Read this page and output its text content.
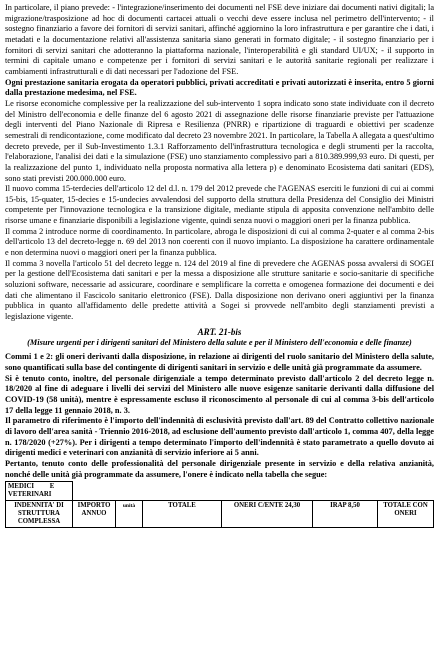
In particolare, il piano prevede: - l'integrazione/inserimento dei documenti nel FSE deve iniziare dai documenti nativi digitali; la migrazione/trasposizione ad hoc di documenti cartacei attuali o vecchi deve essere inclusa nel perimetro dell'intervento; - il sostegno finanziario a favore dei fornitori di servizi sanitari, affinché aggiornino la loro infrastruttura e per garantire che i dati, i metadati e la documentazione relativi all'assistenza sanitaria siano generati in formato digitale; - il sostegno finanziario per i fornitori di servizi sanitari che adotteranno la piattaforma nazionale, l'interoperabilità e gli standard UI/UX; - il supporto in termini di capitale umano e competenze per i fornitori di servizi sanitari e le autorità sanitarie regionali per realizzare i cambiamenti infrastrutturali e di dati necessari per l'adozione del FSE.

Ogni prestazione sanitaria erogata da operatori pubblici, privati accreditati e privati autorizzati è inserita, entro 5 giorni dalla prestazione medesima, nel FSE.

Le risorse economiche complessive per la realizzazione del sub-intervento 1 sopra indicato sono state individuate con il decreto del Ministro dell'economia e delle finanze del 6 agosto 2021 di assegnazione delle risorse finanziarie previste per l'attuazione degli interventi del Piano Nazionale di Ripresa e Resilienza (PNRR) e ripartizione di traguardi e obiettivi per scadenze semestrali di rendicontazione, come modificato dal decreto 23 novembre 2021. In particolare, la Tabella A allegata a quest'ultimo decreto prevede, per il Sub-Investimento 1.3.1 Rafforzamento dell'infrastruttura tecnologica e degli strumenti per la raccolta, l'elaborazione, l'analisi dei dati e la simulazione (FSE) uno stanziamento complessivo pari a 810.389.999,93 euro. Di questi, per la realizzazione del punto 1, individuato nella proposta normativa alla lettera p) e denominato Ecosistema dati sanitari (EDS), sono stati previsti 200.000.000 euro.

Il nuovo comma 15-terdecies dell'articolo 12 del d.l. n. 179 del 2012 prevede che l'AGENAS eserciti le funzioni di cui ai commi 15-bis, 15-quater, 15-decies e 15-undecies avvalendosi del supporto della struttura della Presidenza del Consiglio dei Ministri competente per l'innovazione tecnologica e la transizione digitale, mediante stipula di apposita convenzione nell'ambito delle risorse umane e finanziarie disponibili a legislazione vigente, quindi senza nuovi o maggiori oneri per la finanza pubblica.

Il comma 2 introduce norme di coordinamento. In particolare, abroga le disposizioni di cui al comma 2-quater e al comma 2-bis dell'articolo 13 del decreto-legge n. 69 del 2013 non coerenti con il nuovo impianto. La disposizione ha carattere ordinamentale e non determina nuovi o maggiori oneri per la finanza pubblica.

Il comma 3 novella l'articolo 51 del decreto legge n. 124 del 2019 al fine di prevedere che AGENAS possa avvalersi di SOGEI per la gestione dell'Ecosistema dati sanitari e per la messa a disposizione alle strutture sanitarie e socio-sanitarie di specifiche soluzioni software, necessarie ad assicurare, coordinare e semplificare la corretta e omogenea formazione dei documenti e dei dati che alimentano il Fascicolo sanitario elettronico (FSE). Dalla disposizione non derivano oneri aggiuntivi per la finanza pubblica in quanto all'affidamento delle predette attività a Sogei si provvede nell'ambito degli stanziamenti previsti a legislazione vigente.

ART. 21-bis
(Misure urgenti per i dirigenti sanitari del Ministero della salute e per il Ministero dell'economia e delle finanze)

Commi 1 e 2: gli oneri derivanti dalla disposizione, in relazione ai dirigenti del ruolo sanitario del Ministero della salute, sono quantificati sulla base del contingente di dirigenti sanitari in servizio e delle unità già programmate da assumere.

Si è tenuto conto, inoltre, del personale dirigenziale a tempo determinato previsto dall'articolo 2 del decreto legge n. 18/2020 al fine di adeguare i livelli dei servizi del Ministero alle nuove esigenze sanitarie derivanti dalla diffusione del COVID-19 (58 unità), mentre è espressamente escluso il riconoscimento al personale di cui al comma 3-bis dell'articolo 17 della legge 11 gennaio 2018, n. 3.

Il parametro di riferimento è l'importo dell'indennità di esclusività previsto dall'art. 89 del Contratto collettivo nazionale di lavoro dell'area sanità - Triennio 2016-2018, ad esclusione dell'aumento previsto dall'articolo 1, comma 407, della legge n. 178/2020 (+27%). Per i dirigenti a tempo determinato l'importo dell'indennità è stato parametrato a quello dovuto ai dirigenti medici e veterinari con anzianità di servizio inferiore ai 5 anni.

Pertanto, tenuto conto delle professionalità del personale dirigenziale presente in servizio e della relativa anzianità, nonché delle unità già programmate da assumere, l'onere è indicato nella tabella che segue:

MEDICI E
VETERINARI						
INDENNITA' DI STRUTTURA COMPLESSA	IMPORTO ANNUO	unità	TOTALE	ONERI C/ENTE 24,30	IRAP 8,50	TOTALE CON ONERI
